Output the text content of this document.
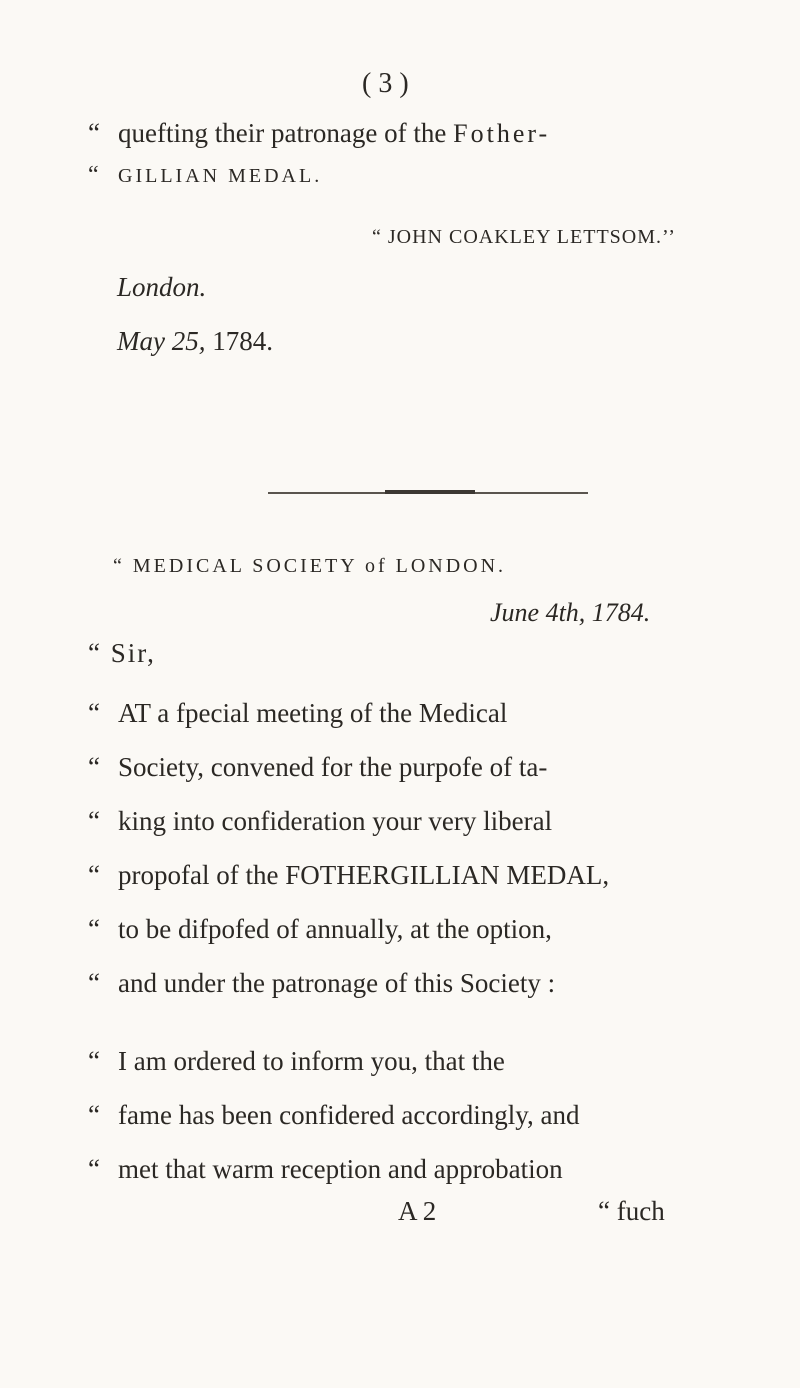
( 3 )
“ quefting their patronage of the Fother-
“ GILLIAN MEDAL.
“ JOHN COAKLEY LETTSOM.’’
London.
May 25, 1784.
“ MEDICAL SOCIETY of LONDON.
June 4th, 1784.
“ Sir,
“ AT a fpecial meeting of the Medical
“ Society, convened for the purpofe of ta-
“ king into confideration your very liberal
“ propofal of the FOTHERGILLIAN MEDAL,
“ to be difpofed of annually, at the option,
“ and under the patronage of this Society :
“ I am ordered to inform you, that the
“ fame has been confidered accordingly, and
“ met that warm reception and approbation
A 2	“ fuch
